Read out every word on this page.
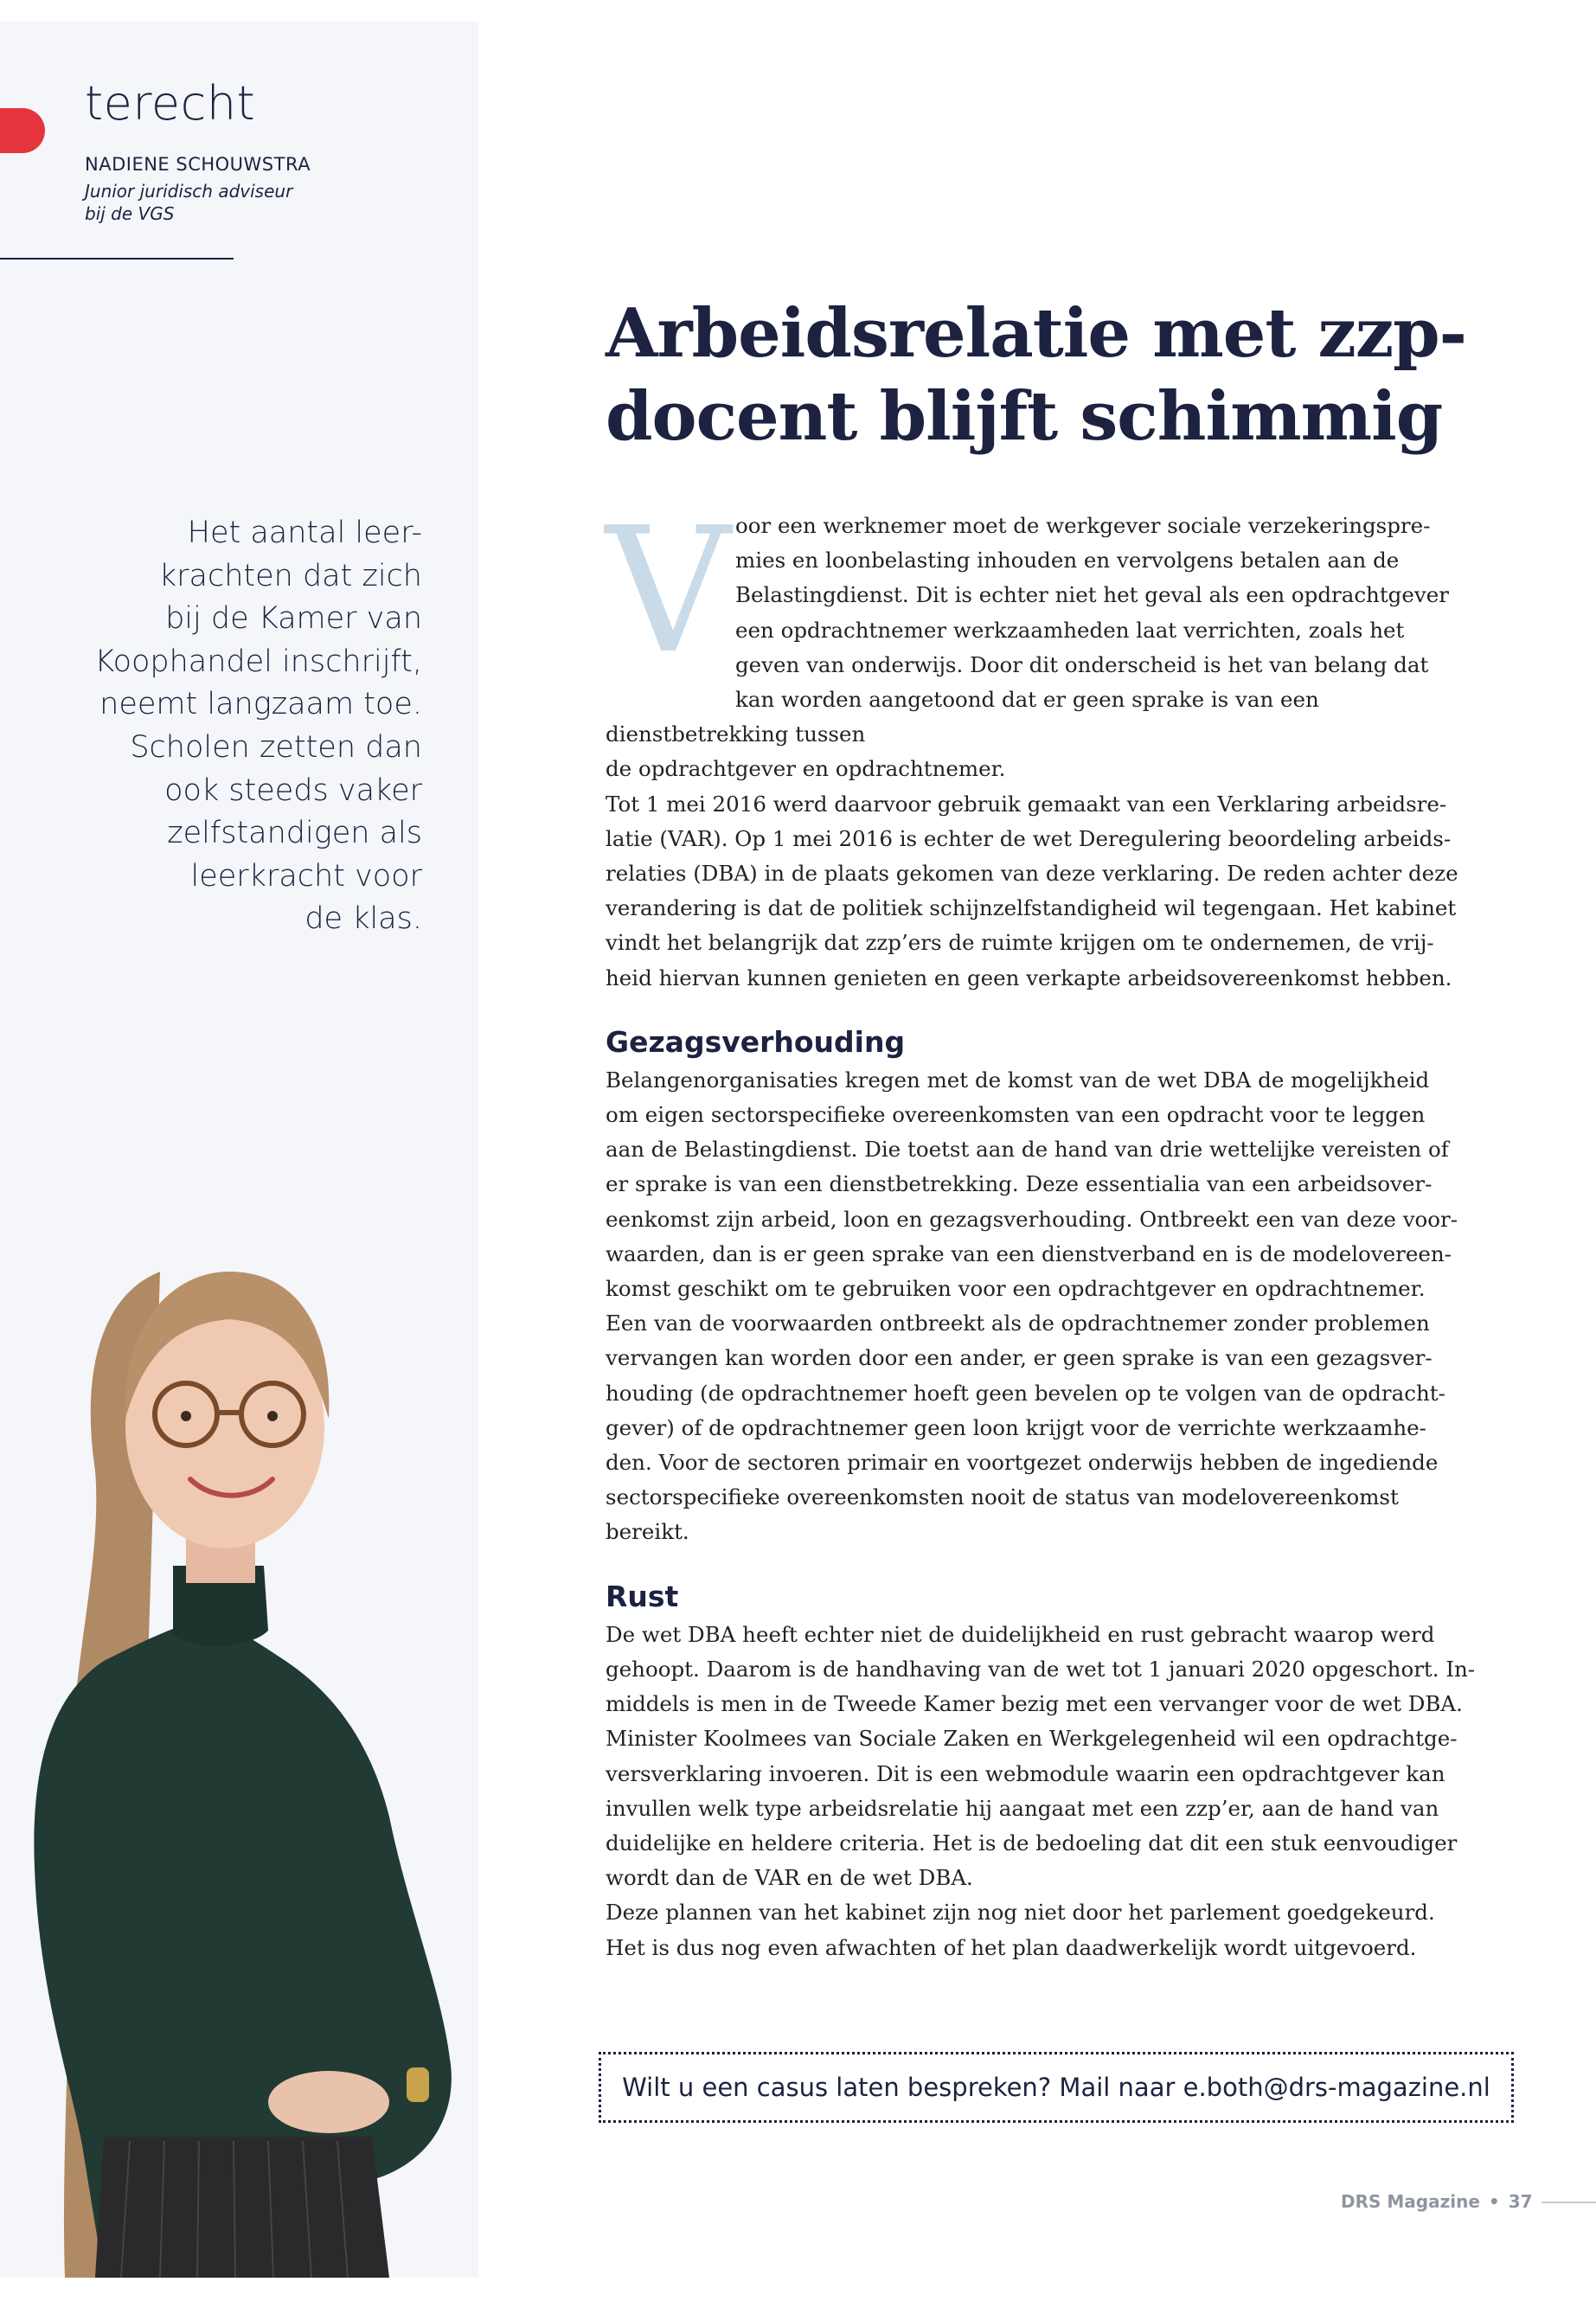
terecht
NADIENE SCHOUWSTRA
Junior juridisch adviseur
bij de VGS
Het aantal leer-
krachten dat zich
bij de Kamer van
Koophandel inschrijft,
neemt langzaam toe.
Scholen zetten dan
ook steeds vaker
zelfstandigen als
leerkracht voor
de klas.
Arbeidsrelatie met zzp-
docent blijft schimmig
V oor een werknemer moet de werkgever sociale verzekeringspre-
mies en loonbelasting inhouden en vervolgens betalen aan de
Belastingdienst. Dit is echter niet het geval als een opdrachtgever
een opdrachtnemer werkzaamheden laat verrichten, zoals het
geven van onderwijs. Door dit onderscheid is het van belang dat
kan worden aangetoond dat er geen sprake is van een dienstbetrekking tussen
de opdrachtgever en opdrachtnemer.

Tot 1 mei 2016 werd daarvoor gebruik gemaakt van een Verklaring arbeidsre-
latie (VAR). Op 1 mei 2016 is echter de wet Deregulering beoordeling arbeids-
relaties (DBA) in de plaats gekomen van deze verklaring. De reden achter deze
verandering is dat de politiek schijnzelfstandigheid wil tegengaan. Het kabinet
vindt het belangrijk dat zzp’ers de ruimte krijgen om te ondernemen, de vrij-
heid hiervan kunnen genieten en geen verkapte arbeidsovereenkomst hebben.

Gezagsverhouding

Belangenorganisaties kregen met de komst van de wet DBA de mogelijkheid
om eigen sectorspecifieke overeenkomsten van een opdracht voor te leggen
aan de Belastingdienst. Die toetst aan de hand van drie wettelijke vereisten of
er sprake is van een dienstbetrekking. Deze essentialia van een arbeidsover-
eenkomst zijn arbeid, loon en gezagsverhouding. Ontbreekt een van deze voor-
waarden, dan is er geen sprake van een dienstverband en is de modelovereen-
komst geschikt om te gebruiken voor een opdrachtgever en opdrachtnemer.
Een van de voorwaarden ontbreekt als de opdrachtnemer zonder problemen
vervangen kan worden door een ander, er geen sprake is van een gezagsver-
houding (de opdrachtnemer hoeft geen bevelen op te volgen van de opdracht-
gever) of de opdrachtnemer geen loon krijgt voor de verrichte werkzaamhe-
den. Voor de sectoren primair en voortgezet onderwijs hebben de ingediende
sectorspecifieke overeenkomsten nooit de status van modelovereenkomst
bereikt.

Rust

De wet DBA heeft echter niet de duidelijkheid en rust gebracht waarop werd
gehoopt. Daarom is de handhaving van de wet tot 1 januari 2020 opgeschort. In-
middels is men in de Tweede Kamer bezig met een vervanger voor de wet DBA.
Minister Koolmees van Sociale Zaken en Werkgelegenheid wil een opdrachtge-
versverklaring invoeren. Dit is een webmodule waarin een opdrachtgever kan
invullen welk type arbeidsrelatie hij aangaat met een zzp’er, aan de hand van
duidelijke en heldere criteria. Het is de bedoeling dat dit een stuk eenvoudiger
wordt dan de VAR en de wet DBA.

Deze plannen van het kabinet zijn nog niet door het parlement goedgekeurd.
Het is dus nog even afwachten of het plan daadwerkelijk wordt uitgevoerd.

Wilt u een casus laten bespreken? Mail naar e.both@drs-magazine.nl
DRS Magazine • 37
